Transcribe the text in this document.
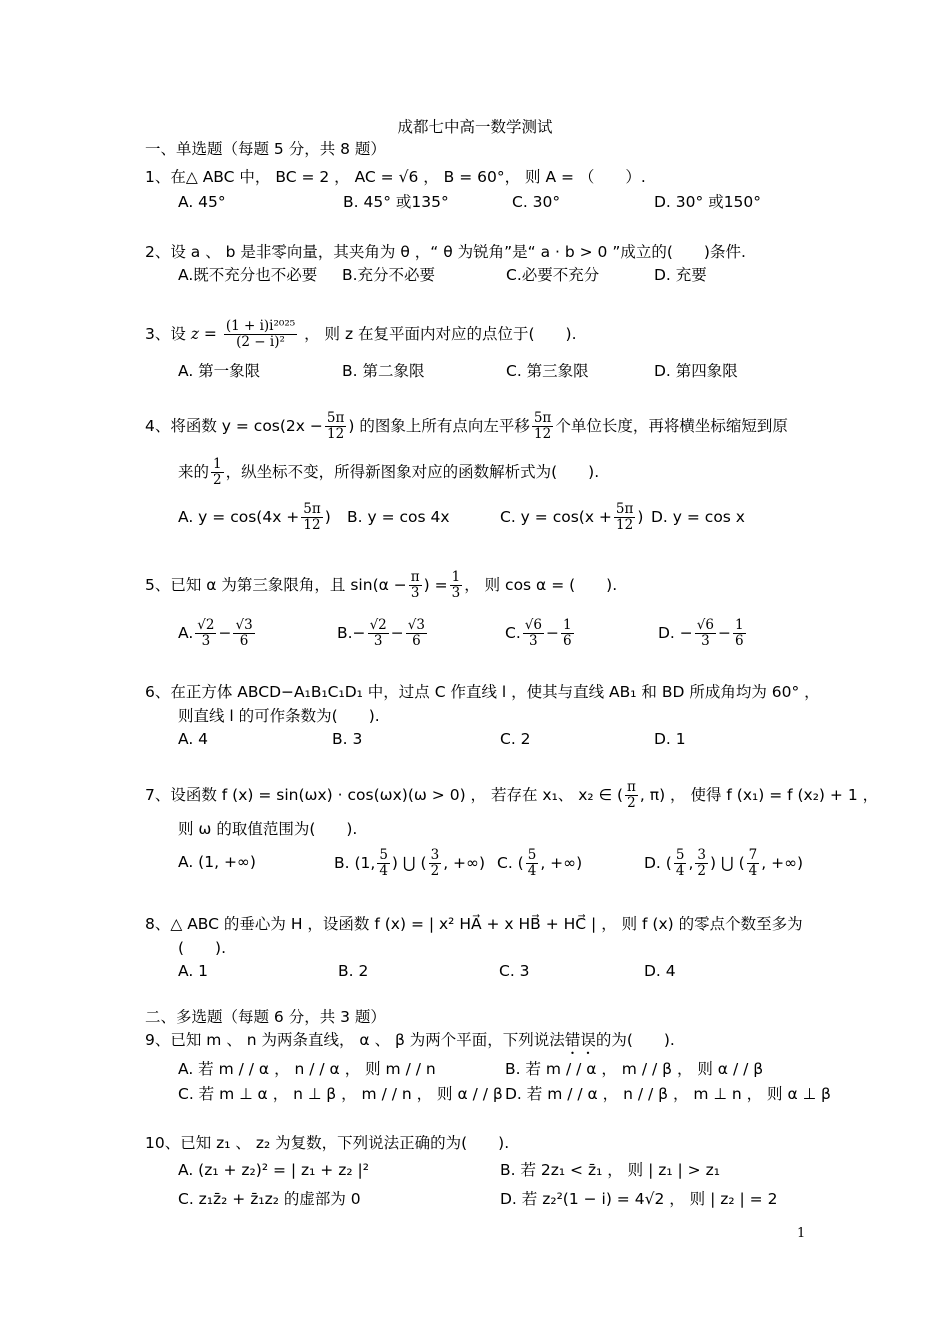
成都七中高一数学测试
一、单选题（每题 5 分，共 8 题）
1、在△ ABC 中， BC = 2 ， AC = √6 ， B = 60°， 则 A = （　　）.
A. 45°	B. 45° 或135°	C. 30°	D. 30° 或150°
2、设 a 、 b 是非零向量，其夹角为 θ ，“ θ 为锐角”是“ a · b > 0 ”成立的(　　)条件.
A.既不充分也不必要 B.充分不必要	C.必要不充分	D. 充要
3、设 $z = \frac{\text{(1 + i)i²⁰²⁵}}{\text{(2 − i)²}}$ ， 则 z 在复平面内对应的点位于(　　).
A. 第一象限	B. 第二象限	C. 第三象限	D. 第四象限
4、将函数 $y = \cos(2x - \frac{5\pi}{12}$ ) 的图象上所有点向左平移 $\frac{5\pi}{12}$ 个单位长度，再将横坐标缩短到原
来的 $\frac{1}{2}$ ，纵坐标不变，所得新图象对应的函数解析式为(　　).
A. $y = \cos(4x + \frac{5\pi}{12}$ ) B. y = cos 4x	C. $y = \cos(x + \frac{5\pi}{12}$ ) D. y = cos x
5、已知 α 为第三象限角，且 $\sin(\alpha - \frac{\pi}{3}$ ) = $\frac{1}{3}$ ， 则 cos α = (　　).
A. $\frac{√2}{3} - \frac{√3}{6}$	$B.- \frac{√2}{3} - \frac{√3}{6}$	C. $\frac{√6}{3} - \frac{1}{6}$	D. − $\frac{√6}{3} - \frac{1}{6}$
6、在正方体 ABCD−A₁B₁C₁D₁ 中，过点 C 作直线 l ，使其与直线 AB₁ 和 BD 所成角均为 60° ，
则直线 l 的可作条数为(　　).
A. 4	B. 3	C. 2	D. 1
7、设函数 f (x) = sin(ωx) · cos(ωx)(ω > 0) ， 若存在 x₁、 x₂ ∈ ( $\frac{\pi}{2}$ , π) ， 使得 f (x₁) = f (x₂) + 1 ，
则 ω 的取值范围为(　　).
A. (1, +∞)	B. (1, $\frac{5}{4}$ ) ⋃ ( $\frac{3}{2}$ , +∞) C. ( $\frac{5}{4}$ , +∞)	D. ( $\frac{5}{4}$ , $\frac{3}{2}$ ) ⋃ ( $\frac{7}{4}$ , +∞)
8、△ ABC 的垂心为 H ，设函数 f (x) = | x² HA⃗ + x HB⃗ + HC⃗ | ， 则 f (x) 的零点个数至多为
(　　).
A. 1	B. 2	C. 3	D. 4
二、多选题（每题 6 分，共 3 题）
9、已知 m 、 n 为两条直线， α 、 β 为两个平面，下列说法错误的为(　　).
A. 若 m / / α ， n / / α ， 则 m / / n	B. 若 m / / α ， m / / β ， 则 α / / β
C. 若 m ⊥ α ， n ⊥ β ， m / / n ， 则 α / / β D. 若 m / / α ， n / / β ， m ⊥ n ， 则 α ⊥ β
10、已知 z₁ 、 z₂ 为复数，下列说法正确的为(　　).
A. (z₁ + z₂)² = | z₁ + z₂ |²	B. 若 2z₁ < z̄₁ ， 则 | z₁ | > z₁
C. z₁z̄₂ + z̄₁z₂ 的虚部为 0	D. 若 z₂²(1 − i) = 4√2 ， 则 | z₂ | = 2
1
